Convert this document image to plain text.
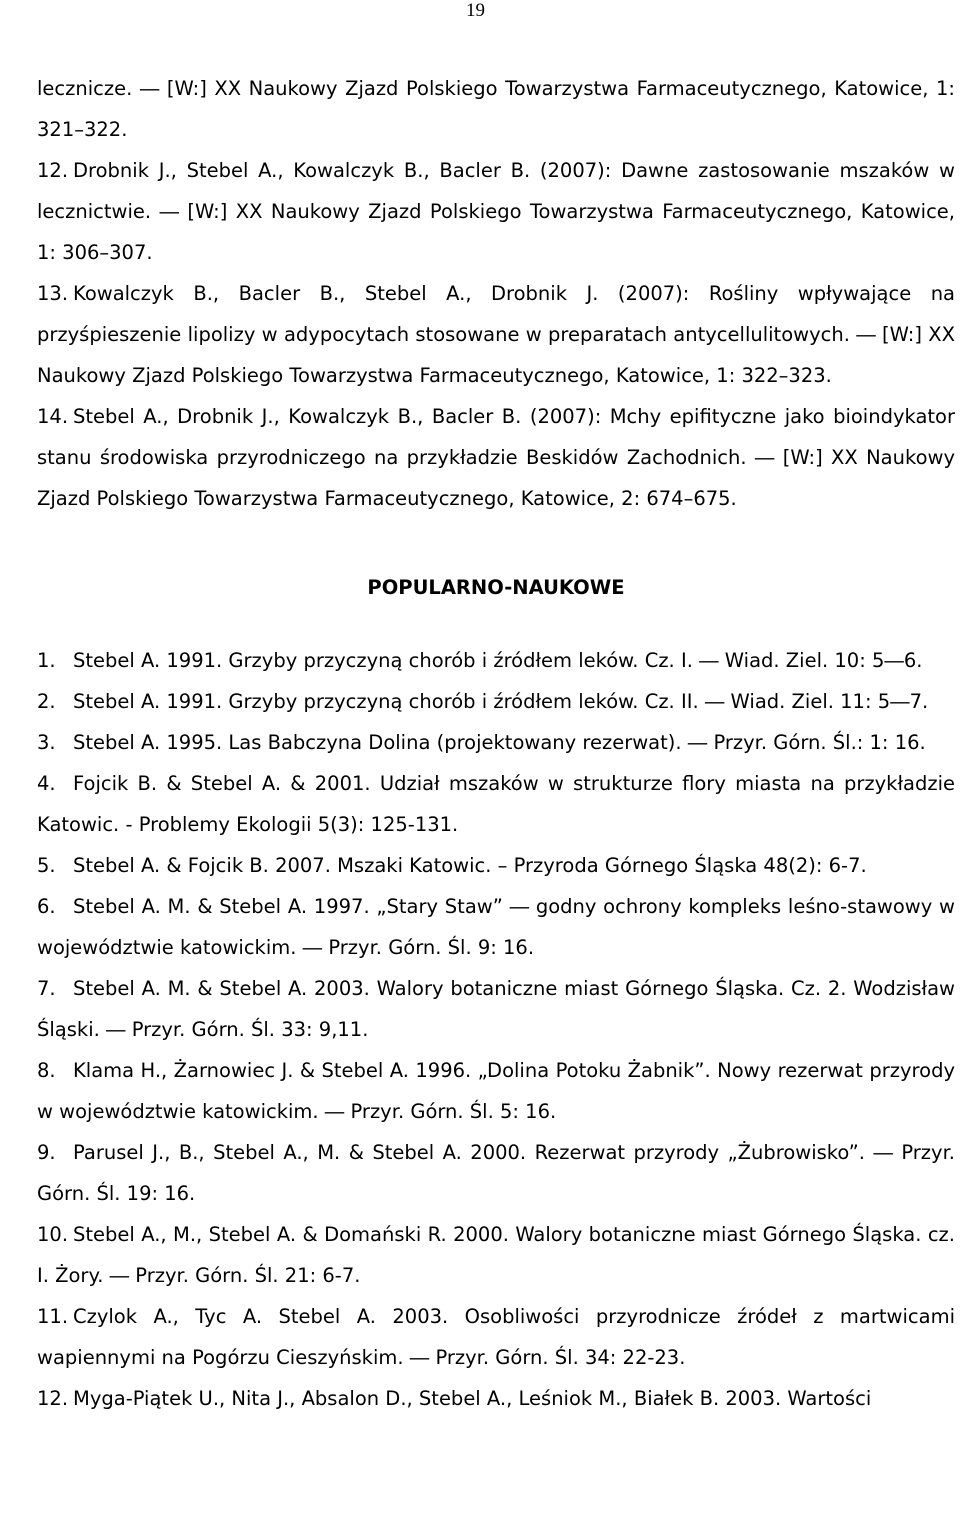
19
lecznicze. ― [W:] XX Naukowy Zjazd Polskiego Towarzystwa Farmaceutycznego, Katowice, 1: 321–322.
12. Drobnik J., Stebel A., Kowalczyk B., Bacler B. (2007): Dawne zastosowanie mszaków w lecznictwie. ― [W:] XX Naukowy Zjazd Polskiego Towarzystwa Farmaceutycznego, Katowice, 1: 306–307.
13. Kowalczyk B., Bacler B., Stebel A., Drobnik J. (2007): Rośliny wpływające na przyśpieszenie lipolizy w adypocytach stosowane w preparatach antycellulitowych. ― [W:] XX Naukowy Zjazd Polskiego Towarzystwa Farmaceutycznego, Katowice, 1: 322–323.
14. Stebel A., Drobnik J., Kowalczyk B., Bacler B. (2007): Mchy epifityczne jako bioindykator stanu środowiska przyrodniczego na przykładzie Beskidów Zachodnich. ― [W:] XX Naukowy Zjazd Polskiego Towarzystwa Farmaceutycznego, Katowice, 2: 674–675.
POPULARNO-NAUKOWE
1. Stebel A. 1991. Grzyby przyczyną chorób i źródłem leków. Cz. I. ― Wiad. Ziel. 10: 5―6.
2. Stebel A. 1991. Grzyby przyczyną chorób i źródłem leków. Cz. II. ― Wiad. Ziel. 11: 5―7.
3. Stebel A. 1995. Las Babczyna Dolina (projektowany rezerwat). ― Przyr. Górn. Śl.: 1: 16.
4. Fojcik B. & Stebel A. & 2001. Udział mszaków w strukturze flory miasta na przykładzie Katowic. - Problemy Ekologii 5(3): 125-131.
5. Stebel A. & Fojcik B. 2007. Mszaki Katowic. – Przyroda Górnego Śląska 48(2): 6-7.
6. Stebel A. M. & Stebel A. 1997. „Stary Staw” ― godny ochrony kompleks leśno-stawowy w województwie katowickim. ― Przyr. Górn. Śl. 9: 16.
7. Stebel A. M. & Stebel A. 2003. Walory botaniczne miast Górnego Śląska. Cz. 2. Wodzisław Śląski. ― Przyr. Górn. Śl. 33: 9,11.
8. Klama H., Żarnowiec J. & Stebel A. 1996. „Dolina Potoku Żabnik”. Nowy rezerwat przyrody w województwie katowickim. ― Przyr. Górn. Śl. 5: 16.
9. Parusel J., B., Stebel A., M. & Stebel A. 2000. Rezerwat przyrody „Żubrowisko”. ― Przyr. Górn. Śl. 19: 16.
10. Stebel A., M., Stebel A. & Domański R. 2000. Walory botaniczne miast Górnego Śląska. cz. I. Żory. ― Przyr. Górn. Śl. 21: 6-7.
11. Czylok A., Tyc A. Stebel A. 2003. Osobliwości przyrodnicze źródeł z martwicami wapiennymi na Pogórzu Cieszyńskim. ― Przyr. Górn. Śl. 34: 22-23.
12. Myga-Piątek U., Nita J., Absalon D., Stebel A., Leśniok M., Białek B. 2003. Wartości
